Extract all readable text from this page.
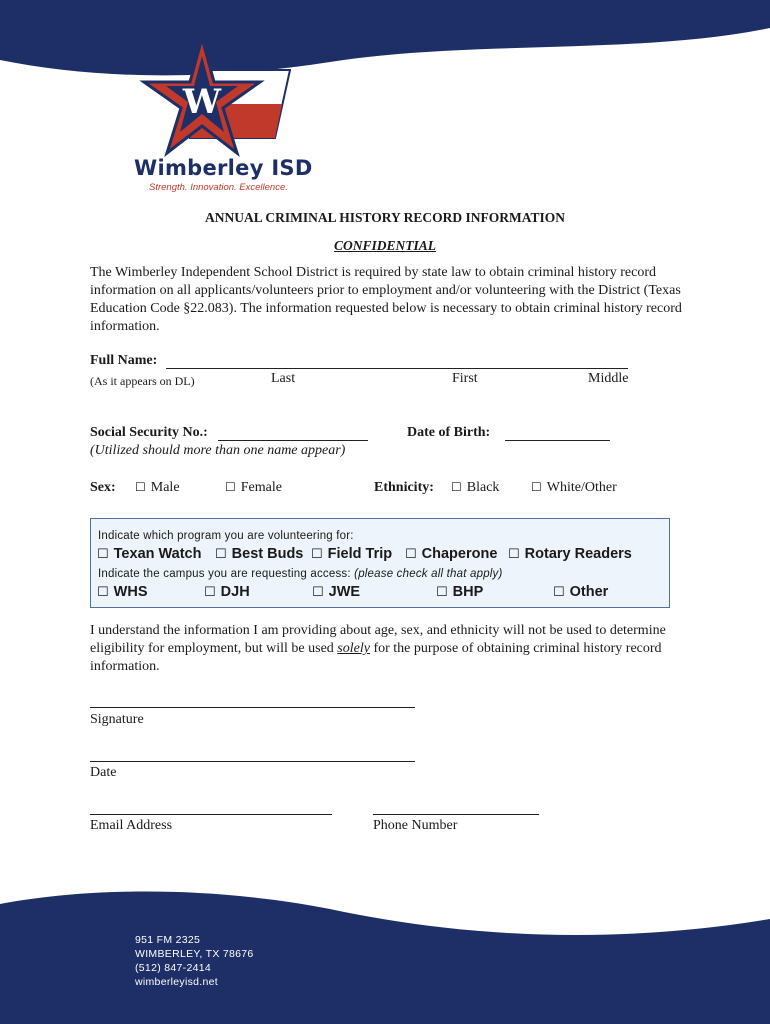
W
Wimberley ISD
Strength. Innovation. Excellence.
ANNUAL CRIMINAL HISTORY RECORD INFORMATION
CONFIDENTIAL
The Wimberley Independent School District is required by state law to obtain criminal history record information on all applicants/volunteers prior to employment and/or volunteering with the District (Texas Education Code §22.083). The information requested below is necessary to obtain criminal history record information.
Full Name:
(As it appears on DL)	Last	First	Middle
Social Security No.:
(Utilized should more than one name appear)
Date of Birth:
Sex: ☐ Male	☐ Female	Ethnicity: ☐ Black	☐ White/Other
Indicate which program you are volunteering for:
☐ Texan Watch ☐ Best Buds ☐ Field Trip ☐ Chaperone ☐ Rotary Readers
Indicate the campus you are requesting access: (please check all that apply)
☐ WHS	☐ DJH	☐ JWE	☐ BHP	☐ Other
I understand the information I am providing about age, sex, and ethnicity will not be used to determine eligibility for employment, but will be used solely for the purpose of obtaining criminal history record information.
Signature
Date
Email Address	Phone Number
951 FM 2325
WIMBERLEY, TX 78676
(512) 847-2414
wimberleyisd.net
